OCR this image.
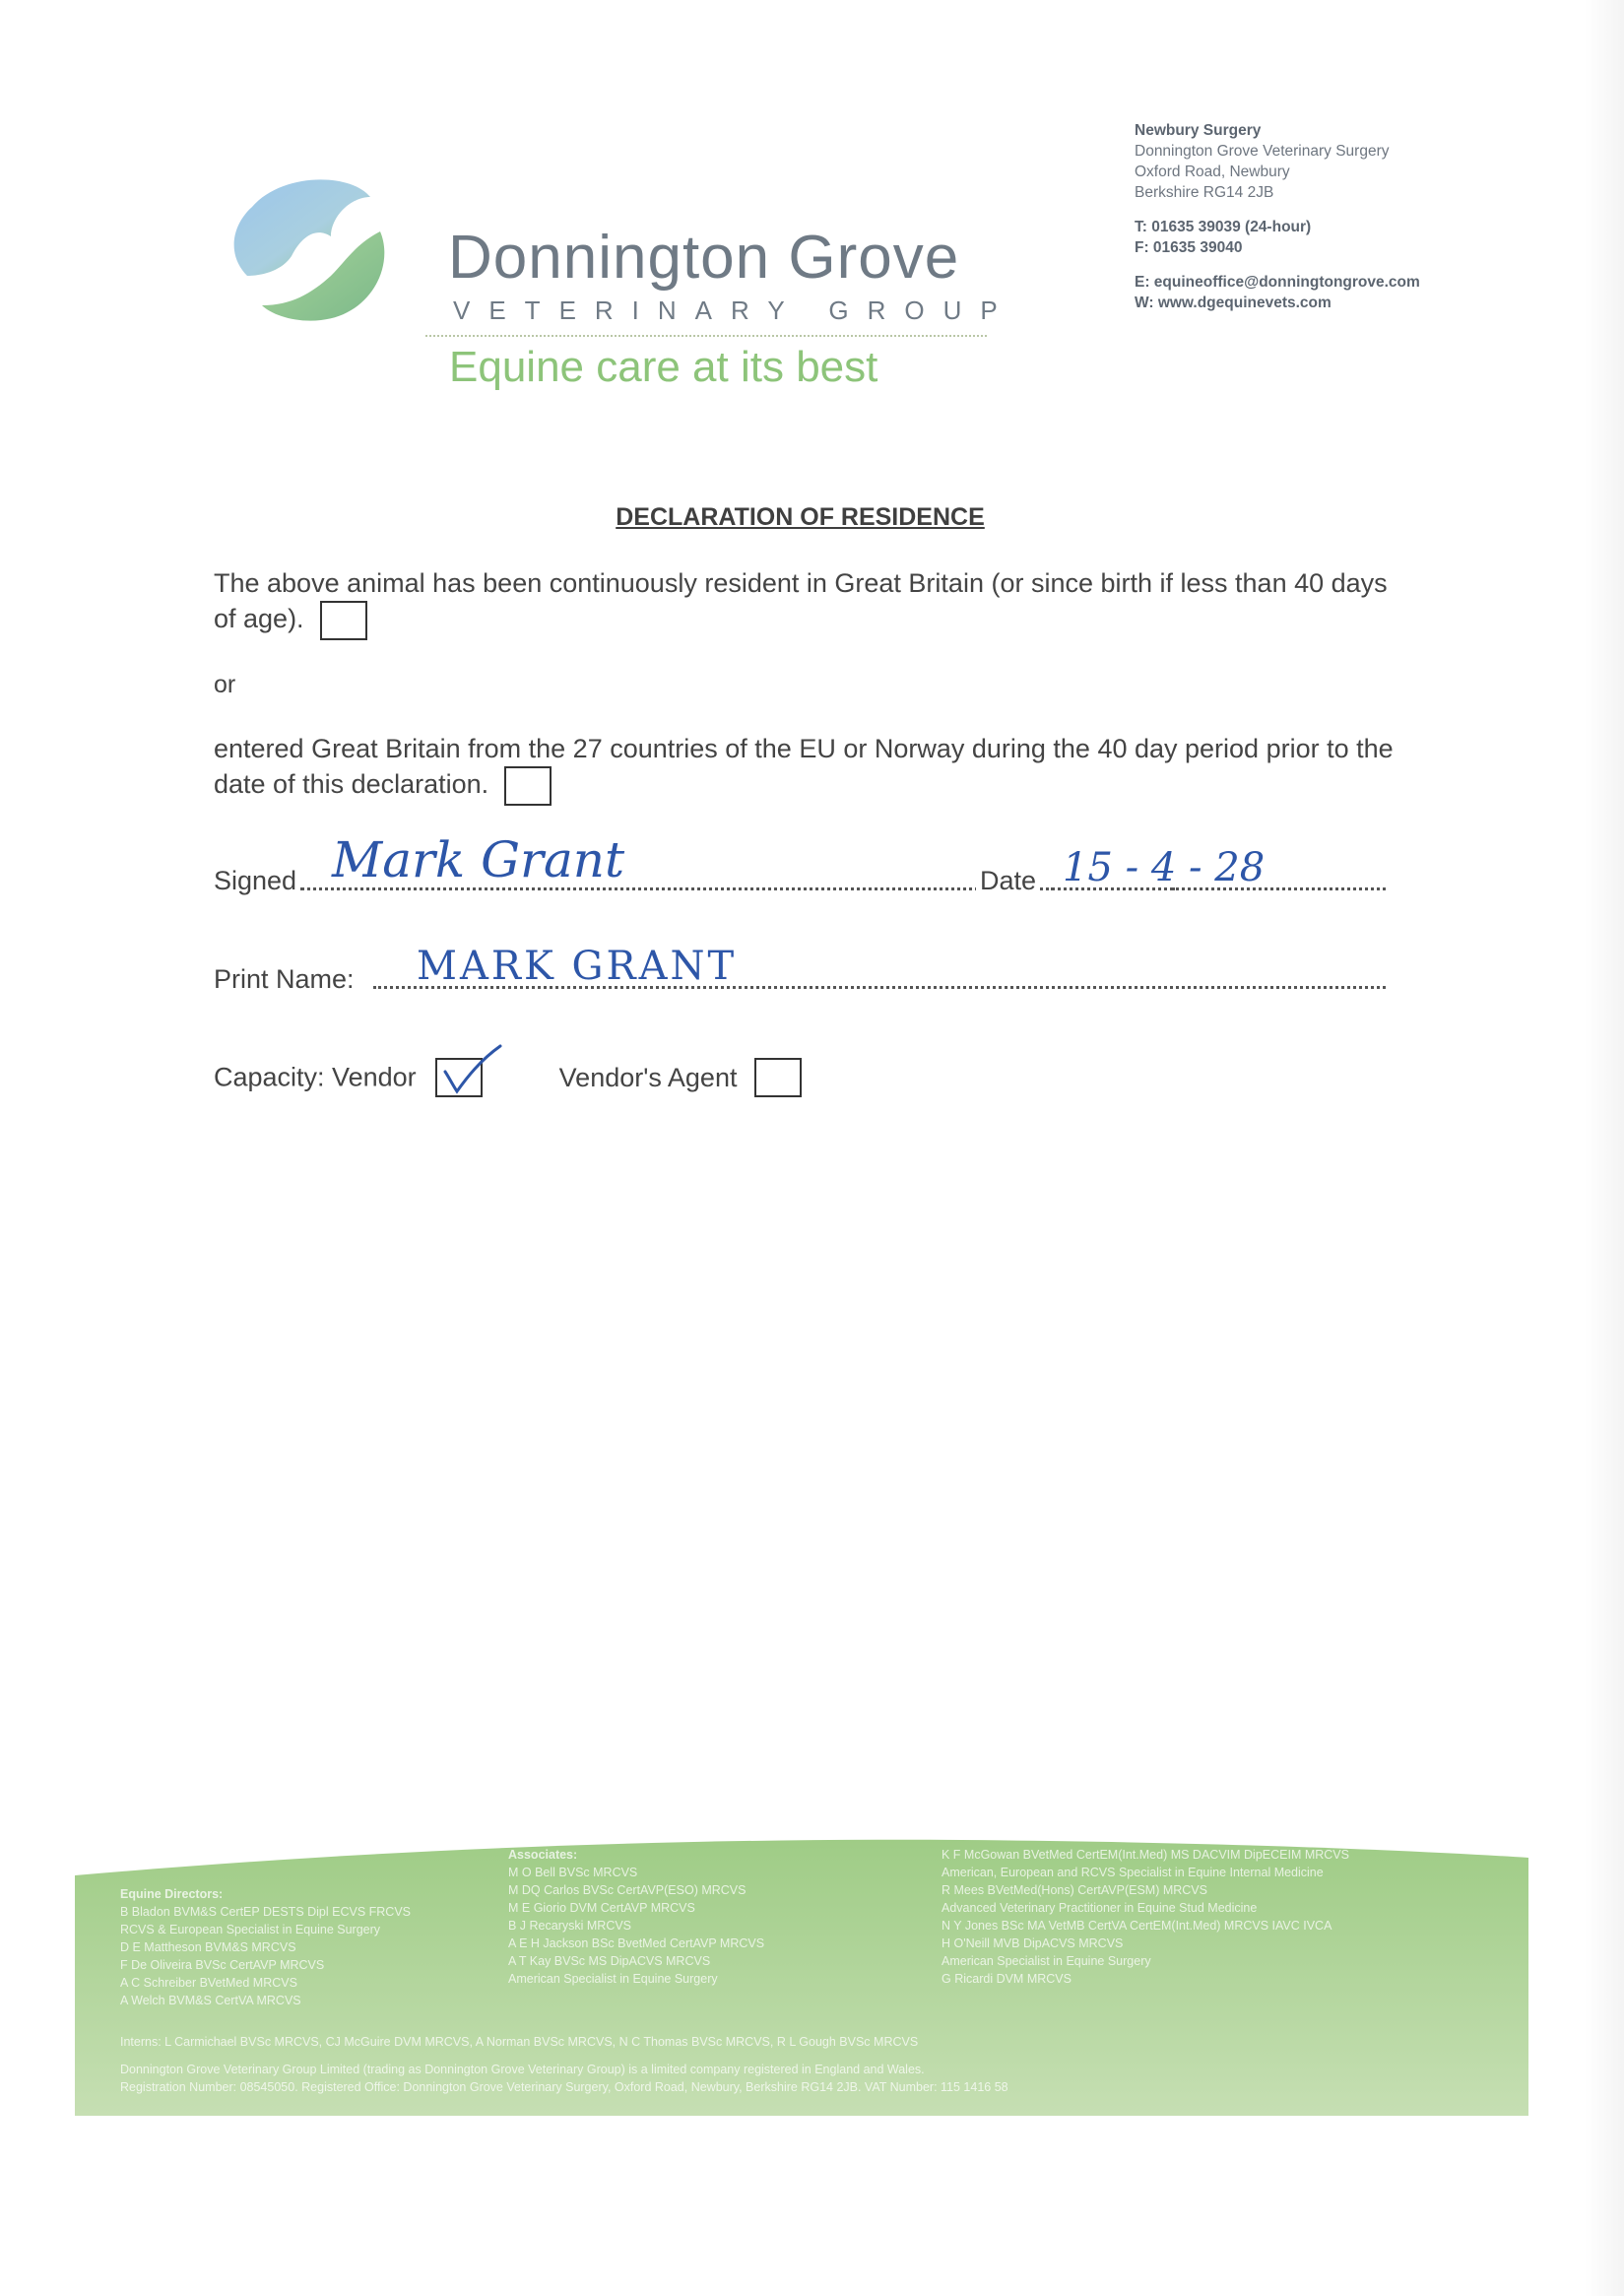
Donnington Grove
VETERINARY GROUP
Equine care at its best
Newbury Surgery
Donnington Grove Veterinary Surgery
Oxford Road, Newbury
Berkshire RG14 2JB
T: 01635 39039 (24-hour)
F: 01635 39040
E: equineoffice@donningtongrove.com
W: www.dgequinevets.com
DECLARATION OF RESIDENCE
The above animal has been continuously resident in Great Britain (or since birth if less than 40 days of age).
or
entered Great Britain from the 27 countries of the EU or Norway during the 40 day period prior to the date of this declaration.
Signed Mark Grant	Date 15 - 4 - 28
Print Name: MARK GRANT
Capacity: Vendor	Vendor's Agent
Equine Directors:
B Bladon BVM&S CertEP DESTS Dipl ECVS FRCVS
RCVS & European Specialist in Equine Surgery
D E Mattheson BVM&S MRCVS
F De Oliveira BVSc CertAVP MRCVS
A C Schreiber BVetMed MRCVS
A Welch BVM&S CertVA MRCVS
Associates:
M O Bell BVSc MRCVS
M DQ Carlos BVSc CertAVP(ESO) MRCVS
M E Giorio DVM CertAVP MRCVS
B J Recaryski MRCVS
A E H Jackson BSc BvetMed CertAVP MRCVS
A T Kay BVSc MS DipACVS MRCVS
American Specialist in Equine Surgery
K F McGowan BVetMed CertEM(Int.Med) MS DACVIM DipECEIM MRCVS
American, European and RCVS Specialist in Equine Internal Medicine
R Mees BVetMed(Hons) CertAVP(ESM) MRCVS
Advanced Veterinary Practitioner in Equine Stud Medicine
N Y Jones BSc MA VetMB CertVA CertEM(Int.Med) MRCVS IAVC IVCA
H O'Neill MVB DipACVS MRCVS
American Specialist in Equine Surgery
G Ricardi DVM MRCVS
Interns: L Carmichael BVSc MRCVS, CJ McGuire DVM MRCVS, A Norman BVSc MRCVS, N C Thomas BVSc MRCVS, R L Gough BVSc MRCVS
Donnington Grove Veterinary Group Limited (trading as Donnington Grove Veterinary Group) is a limited company registered in England and Wales.
Registration Number: 08545050. Registered Office: Donnington Grove Veterinary Surgery, Oxford Road, Newbury, Berkshire RG14 2JB. VAT Number: 115 1416 58
